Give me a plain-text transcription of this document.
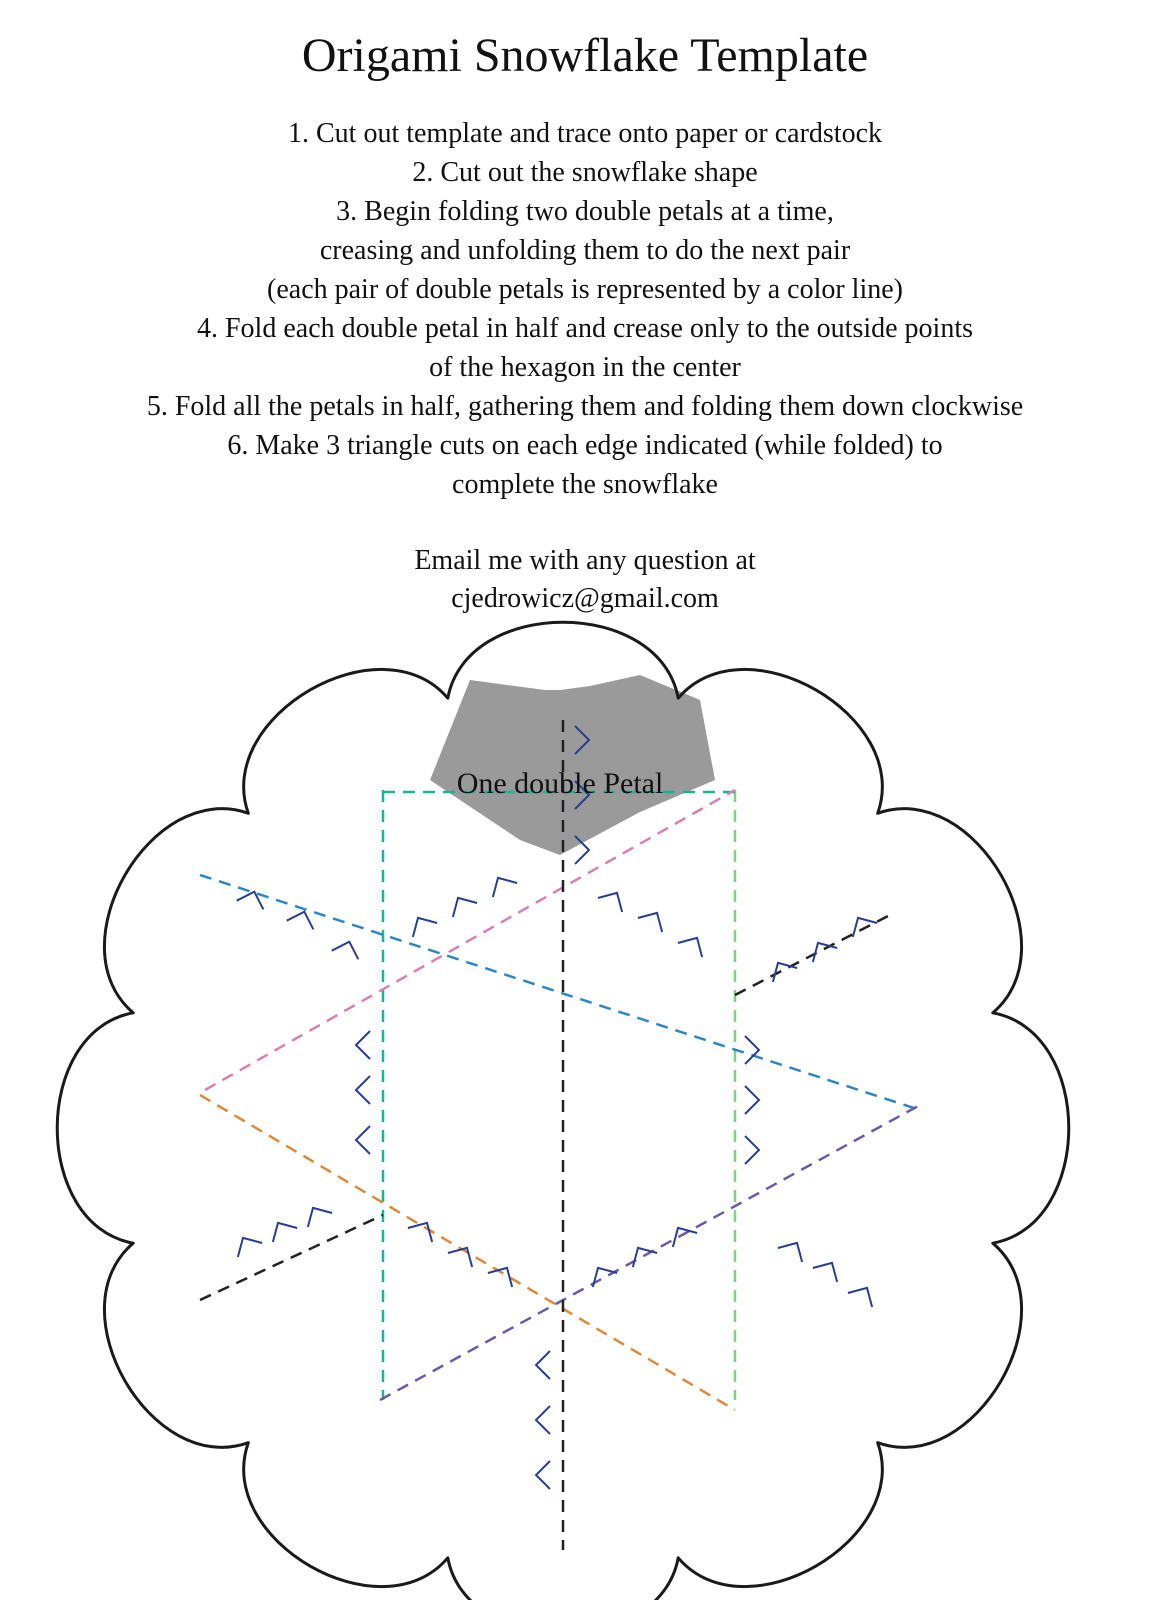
Origami Snowflake Template
1. Cut out template and trace onto paper or cardstock
2. Cut out the snowflake shape
3. Begin folding two double petals at a time,
creasing and unfolding them to do the next pair
(each pair of double petals is represented by a color line)
4. Fold each double petal in half and crease only to the outside points
of the hexagon in the center
5. Fold all the petals in half, gathering them and folding them down clockwise
6. Make 3 triangle cuts on each edge indicated (while folded) to
complete the snowflake
Email me with any question at
cjedrowicz@gmail.com
One double Petal
